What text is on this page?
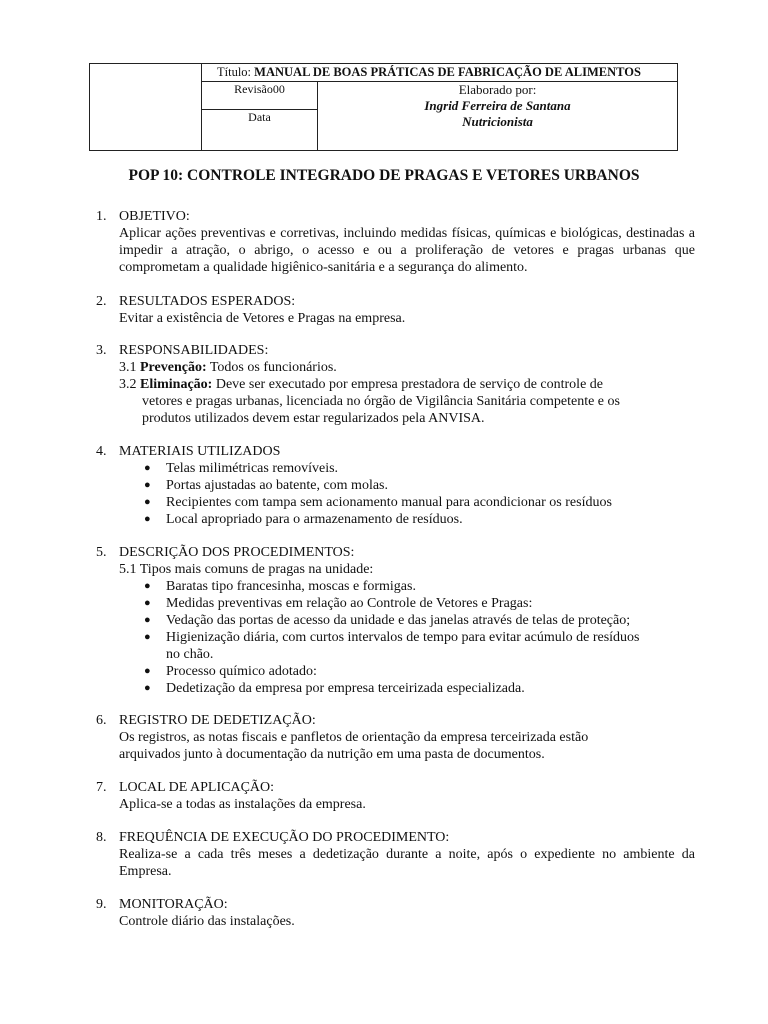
Título: MANUAL DE BOAS PRÁTICAS DE FABRICAÇÃO DE ALIMENTOS
Revisão00
Data
Elaborado por:
Ingrid Ferreira de Santana
Nutricionista
POP 10: CONTROLE INTEGRADO DE PRAGAS E VETORES URBANOS
1. OBJETIVO:
Aplicar ações preventivas e corretivas, incluindo medidas físicas, químicas e biológicas, destinadas a impedir a atração, o abrigo, o acesso e ou a proliferação de vetores e pragas urbanas que comprometam a qualidade higiênico-sanitária e a segurança do alimento.
2. RESULTADOS ESPERADOS:
Evitar a existência de Vetores e Pragas na empresa.
3. RESPONSABILIDADES:
3.1 Prevenção: Todos os funcionários.
3.2 Eliminação: Deve ser executado por empresa prestadora de serviço de controle de
vetores e pragas urbanas, licenciada no órgão de Vigilância Sanitária competente e os
produtos utilizados devem estar regularizados pela ANVISA.
4. MATERIAIS UTILIZADOS
● Telas milimétricas removíveis.
● Portas ajustadas ao batente, com molas.
● Recipientes com tampa sem acionamento manual para acondicionar os resíduos
● Local apropriado para o armazenamento de resíduos.
5. DESCRIÇÃO DOS PROCEDIMENTOS:
5.1 Tipos mais comuns de pragas na unidade:
● Baratas tipo francesinha, moscas e formigas.
● Medidas preventivas em relação ao Controle de Vetores e Pragas:
● Vedação das portas de acesso da unidade e das janelas através de telas de proteção;
● Higienização diária, com curtos intervalos de tempo para evitar acúmulo de resíduos
no chão.
● Processo químico adotado:
● Dedetização da empresa por empresa terceirizada especializada.
6. REGISTRO DE DEDETIZAÇÃO:
Os registros, as notas fiscais e panfletos de orientação da empresa terceirizada estão
arquivados junto à documentação da nutrição em uma pasta de documentos.
7. LOCAL DE APLICAÇÃO:
Aplica-se a todas as instalações da empresa.
8. FREQUÊNCIA DE EXECUÇÃO DO PROCEDIMENTO:
Realiza-se a cada três meses a dedetização durante a noite, após o expediente no ambiente da Empresa.
9. MONITORAÇÃO:
Controle diário das instalações.
